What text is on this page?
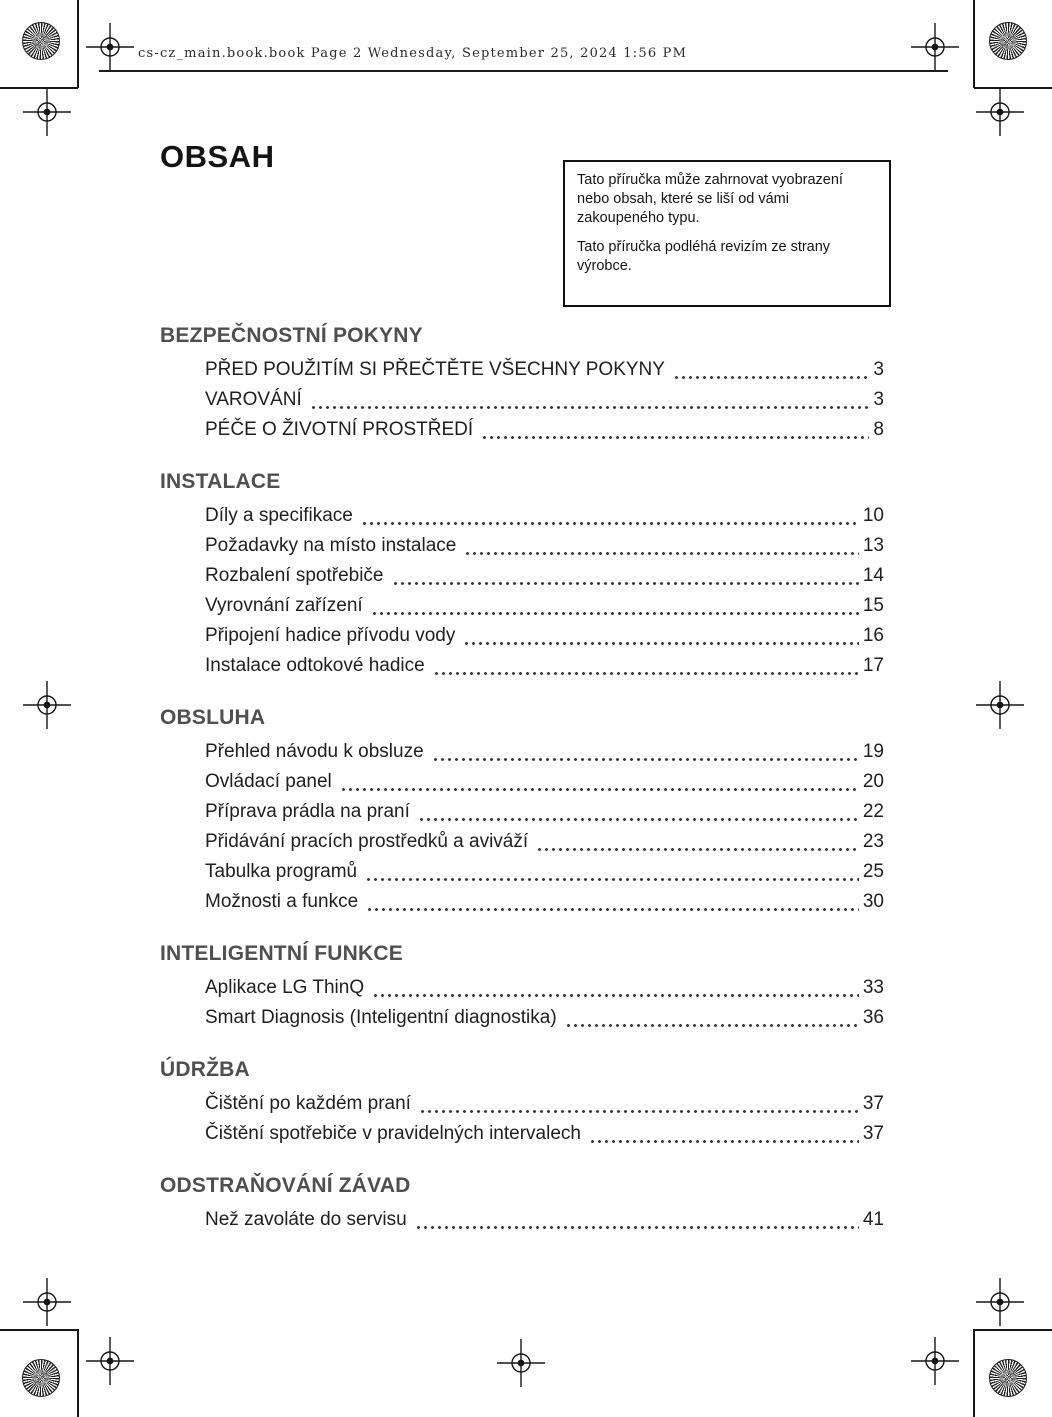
cs-cz_main.book.book Page 2 Wednesday, September 25, 2024 1:56 PM

Tato příručka může zahrnovat vyobrazení nebo obsah, které se liší od vámi zakoupeného typu.

Tato příručka podléhá revizím ze strany výrobce.

OBSAH
BEZPEČNOSTNÍ POKYNY
PŘED POUŽITÍM SI PŘEČTĚTE VŠECHNY POKYNY	3
VAROVÁNÍ	3
PÉČE O ŽIVOTNÍ PROSTŘEDÍ	8
INSTALACE
Díly a specifikace	10
Požadavky na místo instalace	13
Rozbalení spotřebiče	14
Vyrovnání zařízení	15
Připojení hadice přívodu vody	16
Instalace odtokové hadice	17
OBSLUHA
Přehled návodu k obsluze	19
Ovládací panel	20
Příprava prádla na praní	22
Přidávání pracích prostředků a aviváží	23
Tabulka programů	25
Možnosti a funkce	30
INTELIGENTNÍ FUNKCE
Aplikace LG ThinQ	33
Smart Diagnosis (Inteligentní diagnostika)	36
ÚDRŽBA
Čištění po každém praní	37
Čištění spotřebiče v pravidelných intervalech	37
ODSTRAŇOVÁNÍ ZÁVAD
Než zavoláte do servisu	41
